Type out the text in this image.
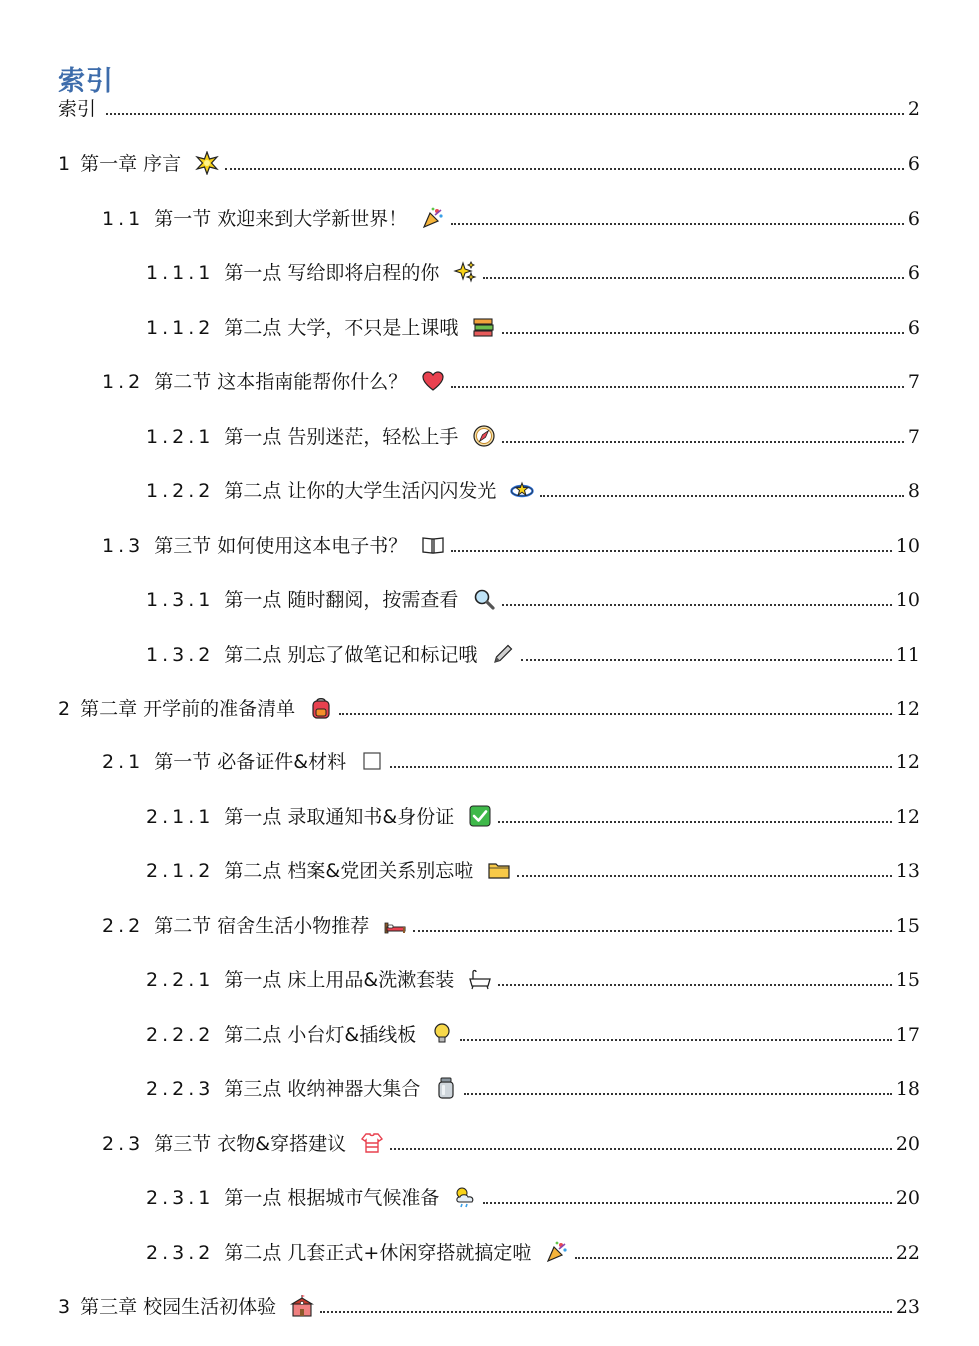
索引
索引	2
1 第一章 序言	6
1.1 第一节 欢迎来到大学新世界！	6
1.1.1 第一点 写给即将启程的你	6
1.1.2 第二点 大学，不只是上课哦	6
1.2 第二节 这本指南能帮你什么？	7
1.2.1 第一点 告别迷茫，轻松上手	7
1.2.2 第二点 让你的大学生活闪闪发光	8
1.3 第三节 如何使用这本电子书？	10
1.3.1 第一点 随时翻阅，按需查看	10
1.3.2 第二点 别忘了做笔记和标记哦	11
2 第二章 开学前的准备清单	12
2.1 第一节 必备证件&材料	12
2.1.1 第一点 录取通知书&身份证	12
2.1.2 第二点 档案&党团关系别忘啦	13
2.2 第二节 宿舍生活小物推荐	15
2.2.1 第一点 床上用品&洗漱套装	15
2.2.2 第二点 小台灯&插线板	17
2.2.3 第三点 收纳神器大集合	18
2.3 第三节 衣物&穿搭建议	20
2.3.1 第一点 根据城市气候准备	20
2.3.2 第二点 几套正式+休闲穿搭就搞定啦	22
3 第三章 校园生活初体验	23
